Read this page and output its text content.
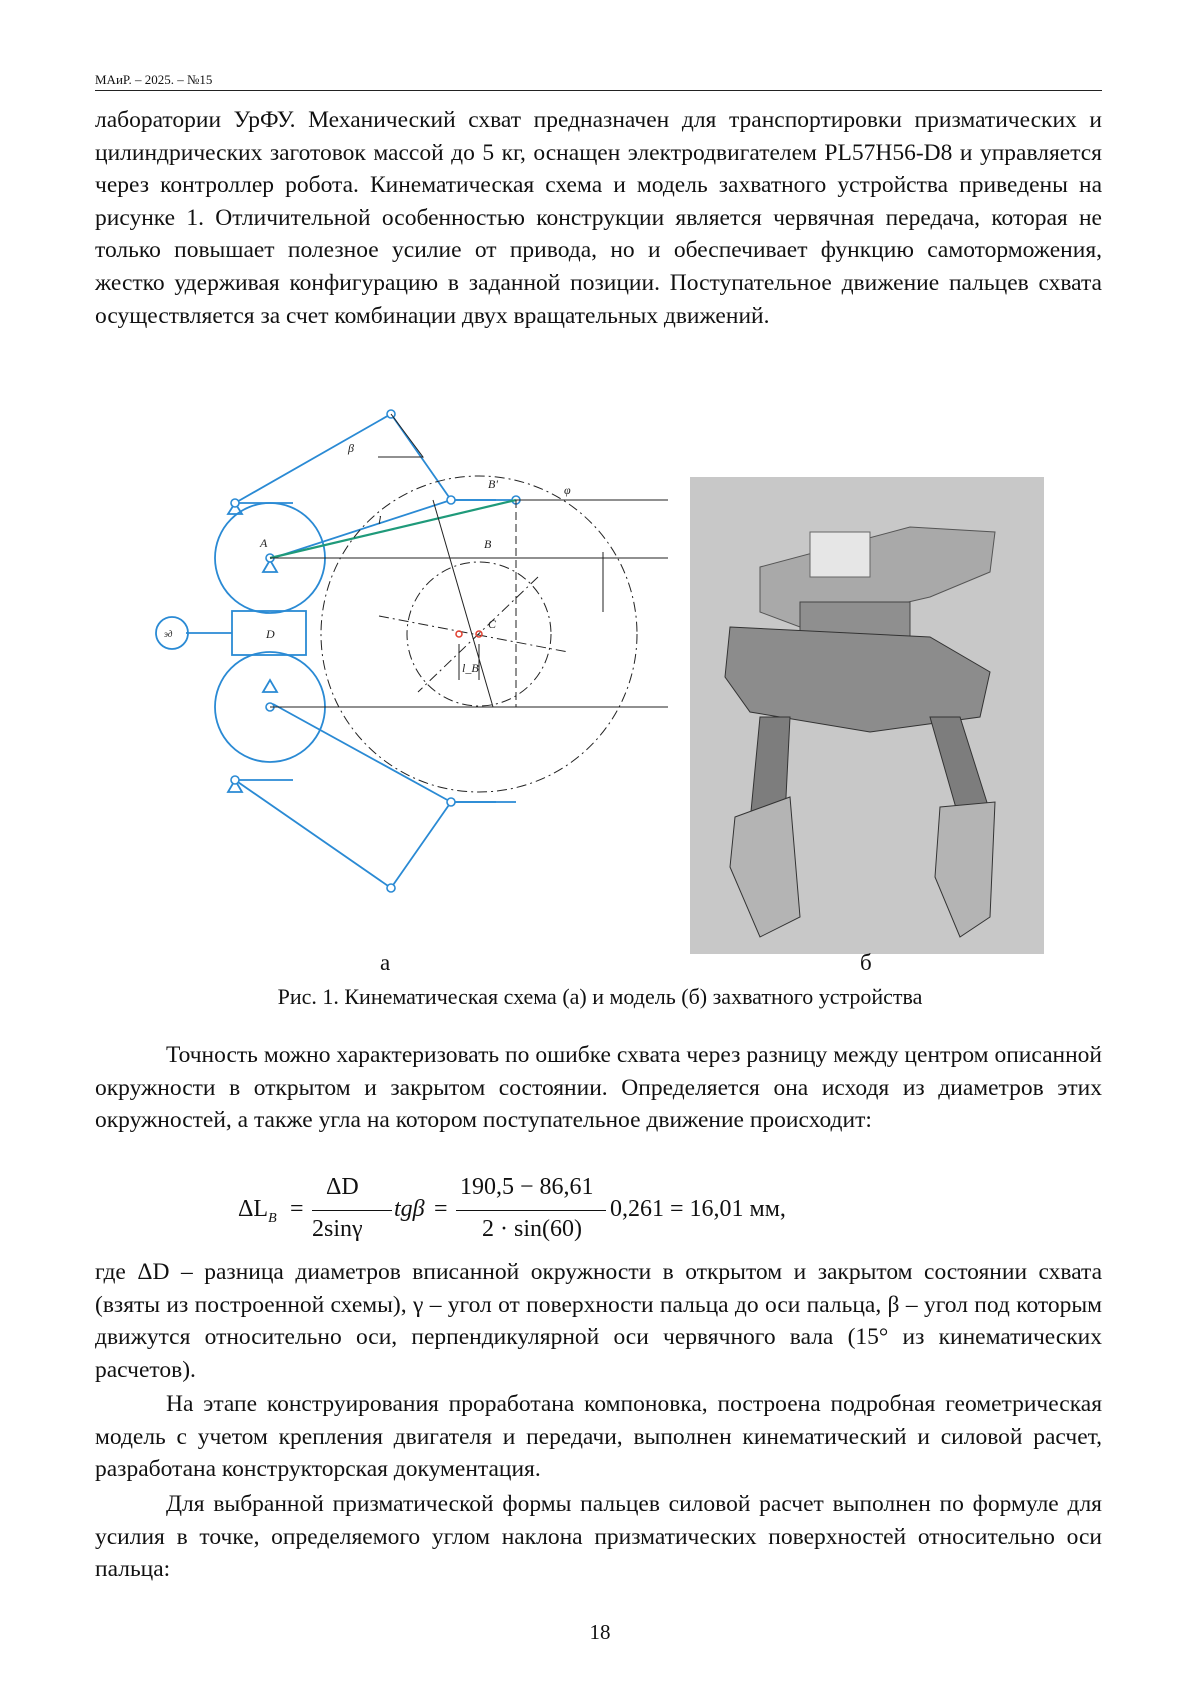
МАиР. – 2025. – №15

лаборатории УрФУ. Механический схват предназначен для транспортировки призматических и цилиндрических заготовок массой до 5 кг, оснащен электродвигателем PL57H56-D8 и управляется через контроллер робота. Кинематическая схема и модель захватного устройства приведены на рисунке 1. Отличительной особенностью конструкции является червячная передача, которая не только повышает полезное усилие от привода, но и обеспечивает функцию самоторможения, жестко удерживая конфигурацию в заданной позиции. Поступательное движение пальцев схвата осуществляется за счет комбинации двух вращательных движений.

β
B'
A	B
C
D
l_B
эд
φ
l
а	б
Рис. 1. Кинематическая схема (а) и модель (б) захватного устройства

Точность можно характеризовать по ошибке схвата через разницу между центром описанной окружности в открытом и закрытом состоянии. Определяется она исходя из диаметров этих окружностей, а также угла на котором поступательное движение происходит:

ΔLB =
ΔD
2sinγ
tgβ =
190,5 − 86,61
2 · sin(60)
0,261 = 16,01 мм,

где ΔD – разница диаметров вписанной окружности в открытом и закрытом состоянии схвата (взяты из построенной схемы), γ – угол от поверхности пальца до оси пальца, β – угол под которым движутся относительно оси, перпендикулярной оси червячного вала (15° из кинематических расчетов).

На этапе конструирования проработана компоновка, построена подробная геометрическая модель с учетом крепления двигателя и передачи, выполнен кинематический и силовой расчет, разработана конструкторская документация.

Для выбранной призматической формы пальцев силовой расчет выполнен по формуле для усилия в точке, определяемого углом наклона призматических поверхностей относительно оси пальца:

18
